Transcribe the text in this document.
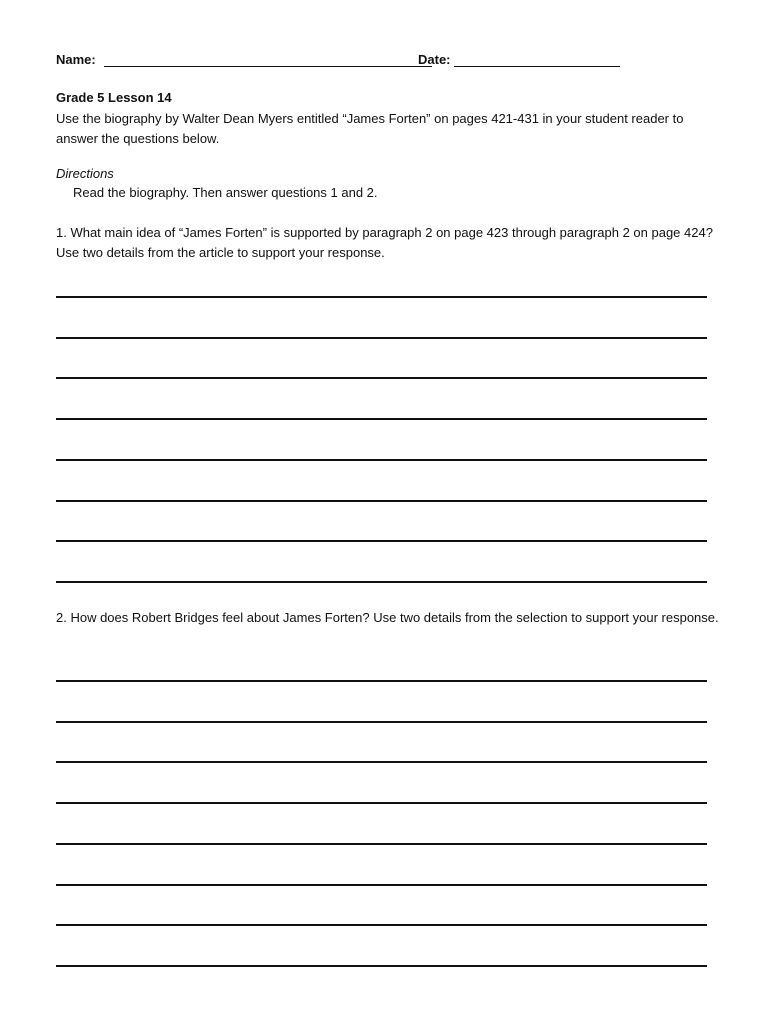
Name:	Date:
Grade 5 Lesson 14
Use the biography by Walter Dean Myers entitled “James Forten” on pages 421-431 in your student reader to answer the questions below.
Directions
Read the biography. Then answer questions 1 and 2.
1. What main idea of “James Forten” is supported by paragraph 2 on page 423 through paragraph 2 on page 424? Use two details from the article to support your response.
2. How does Robert Bridges feel about James Forten? Use two details from the selection to support your response.
